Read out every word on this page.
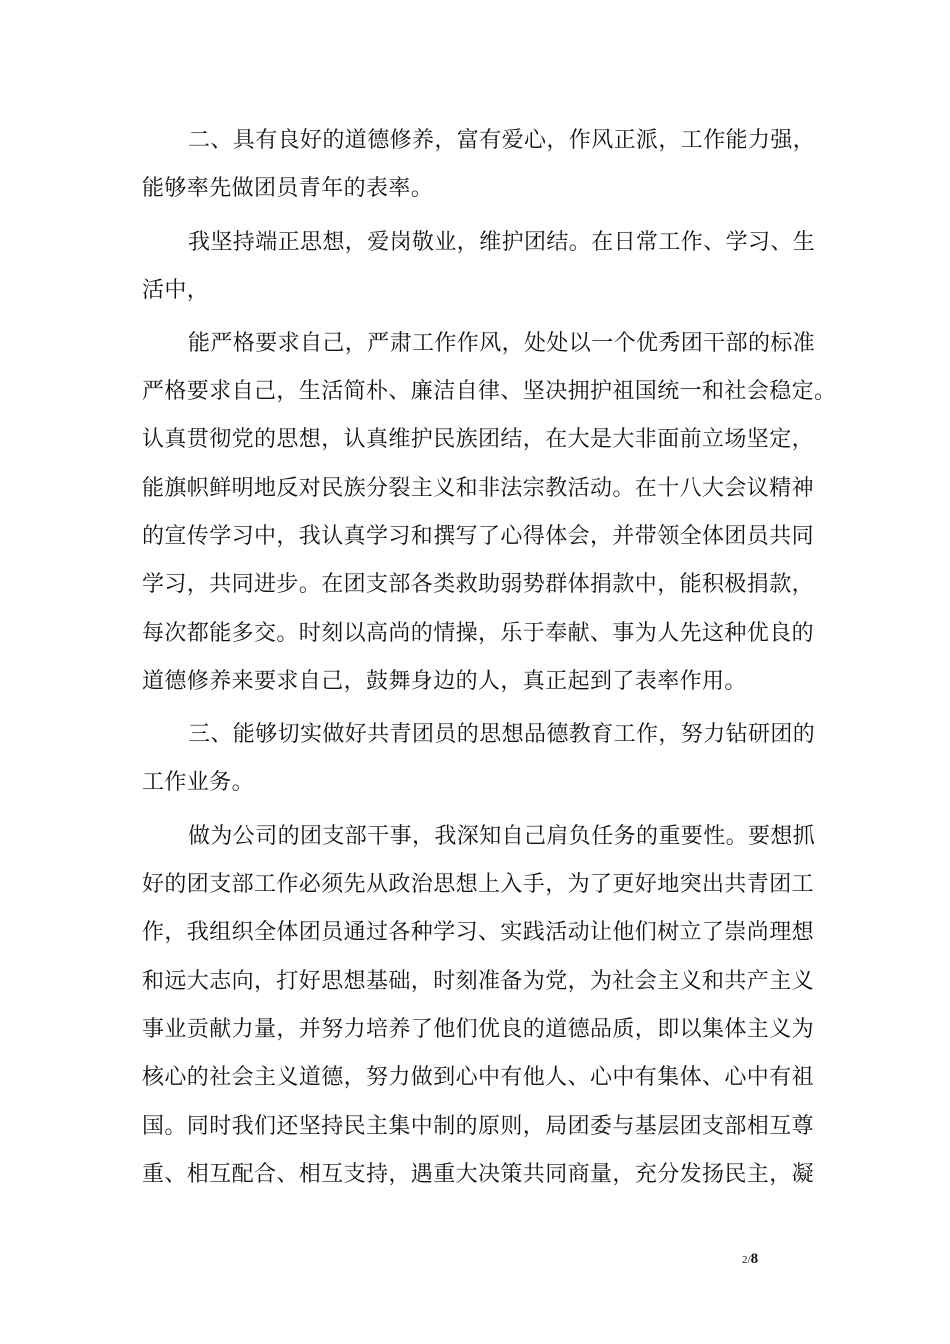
二、具有良好的道德修养，富有爱心，作风正派，工作能力强，
能够率先做团员青年的表率。
我坚持端正思想，爱岗敬业，维护团结。在日常工作、学习、生
活中，
能严格要求自己，严肃工作作风，处处以一个优秀团干部的标准
严格要求自己，生活简朴、廉洁自律、坚决拥护祖国统一和社会稳定。
认真贯彻党的思想，认真维护民族团结，在大是大非面前立场坚定，
能旗帜鲜明地反对民族分裂主义和非法宗教活动。在十八大会议精神
的宣传学习中，我认真学习和撰写了心得体会，并带领全体团员共同
学习，共同进步。在团支部各类救助弱势群体捐款中，能积极捐款，
每次都能多交。时刻以高尚的情操，乐于奉献、事为人先这种优良的
道德修养来要求自己，鼓舞身边的人，真正起到了表率作用。
三、能够切实做好共青团员的思想品德教育工作，努力钻研团的
工作业务。
做为公司的团支部干事，我深知自己肩负任务的重要性。要想抓
好的团支部工作必须先从政治思想上入手，为了更好地突出共青团工
作，我组织全体团员通过各种学习、实践活动让他们树立了崇尚理想
和远大志向，打好思想基础，时刻准备为党，为社会主义和共产主义
事业贡献力量，并努力培养了他们优良的道德品质，即以集体主义为
核心的社会主义道德，努力做到心中有他人、心中有集体、心中有祖
国。同时我们还坚持民主集中制的原则，局团委与基层团支部相互尊
重、相互配合、相互支持，遇重大决策共同商量，充分发扬民主，凝
2/8
